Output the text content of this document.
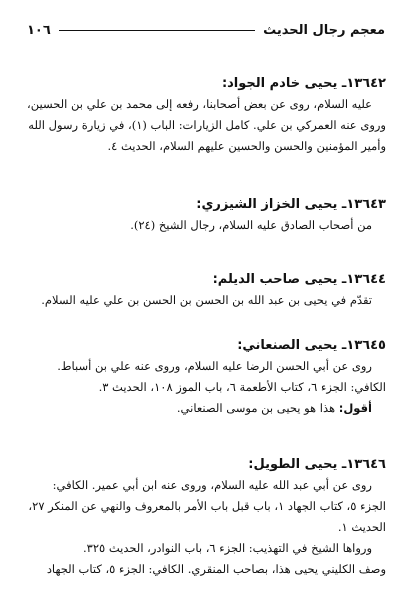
معجم رجال الحديث
١٠٦
١٣٦٤٢ـ يحيى خادم الجواد:
عليه السلام، روى عن بعض أصحابنا، رفعه إلى محمد بن علي بن الحسين،
وروى عنه العمركي بن علي. كامل الزيارات: الباب (١)، في زيارة رسول الله
وأمير المؤمنين والحسن والحسين عليهم السلام، الحديث ٤.
١٣٦٤٣ـ يحيى الخزاز الشيزري:
من أصحاب الصادق عليه السلام، رجال الشيخ (٢٤).
١٣٦٤٤ـ يحيى صاحب الديلم:
تقدّم في يحيى بن عبد الله بن الحسن بن الحسن بن علي عليه السلام.
١٣٦٤٥ـ يحيى الصنعاني:
روى عن أبي الحسن الرضا عليه السلام، وروى عنه علي بن أسباط.
الكافي: الجزء ٦، كتاب الأطعمة ٦، باب الموز ١٠٨، الحديث ٣.
أقول: هذا هو يحيى بن موسى الصنعاني.
١٣٦٤٦ـ يحيى الطويل:
روى عن أبي عبد الله عليه السلام، وروى عنه ابن أبي عمير. الكافي:
الجزء ٥، كتاب الجهاد ١، باب قبل باب الأمر بالمعروف والنهي عن المنكر ٢٧،
الحديث ١.
ورواها الشيخ في التهذيب: الجزء ٦، باب النوادر، الحديث ٣٢٥.
وصف الكليني يحيى هذا، بصاحب المنقري. الكافي: الجزء ٥، كتاب الجهاد
